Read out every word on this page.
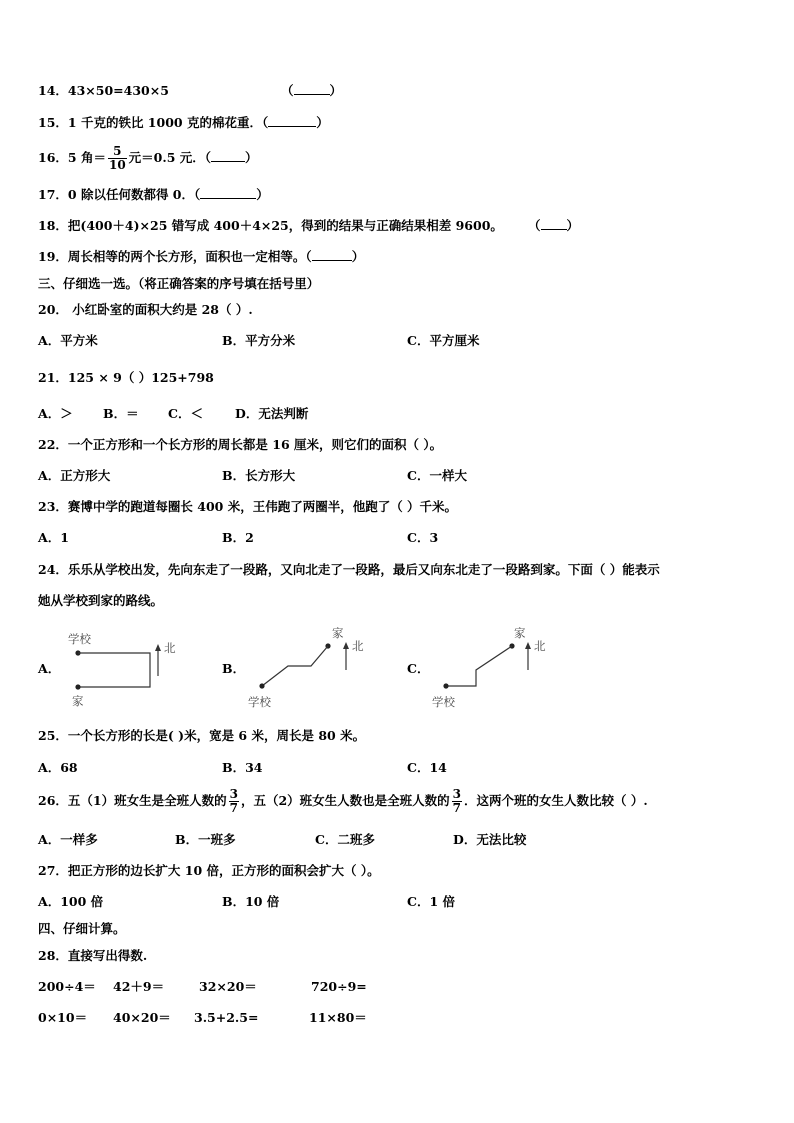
14．43×50=430×5	（	）
15．1 千克的铁比 1000 克的棉花重．（	）
16．5 角＝ $\frac{5}{10}$ 元＝0.5 元．（	）
17．0 除以任何数都得 0．（	）
18．把(400＋4)×25 错写成 400＋4×25，得到的结果与正确结果相差 9600。 （ ）
19．周长相等的两个长方形，面积也一定相等。（	）
三、仔细选一选。（将正确答案的序号填在括号里）
20． 小红卧室的面积大约是 28（ ）.
A．平方米	B．平方分米	C．平方厘米
21．125 × 9（ ）125+798
A．＞ B．＝ C．＜	D．无法判断
22．一个正方形和一个长方形的周长都是 16 厘米，则它们的面积（ ）。
A．正方形大	B．长方形大	C．一样大
23．赛博中学的跑道每圈长 400 米，王伟跑了两圈半，他跑了（ ）千米。
A．1	B．2	C．3
24．乐乐从学校出发，先向东走了一段路，又向北走了一段路，最后又向东北走了一段路到家。下面（ ）能表示
她从学校到家的路线。
A．	B．	C．
学校
家
北
家
学校
北
家
学校
北
25．一个长方形的长是( )米，宽是 6 米，周长是 80 米。
A．68	B．34	C．14
26．五（1）班女生是全班人数的 $\frac{3}{7}$ ，五（2）班女生人数也是全班人数的 $\frac{3}{7}$ ．这两个班的女生人数比较（ ）.
A．一样多	B．一班多	C．二班多	D．无法比较
27．把正方形的边长扩大 10 倍，正方形的面积会扩大（ ）。
A．100 倍	B．10 倍	C．1 倍
四、仔细计算。
28．直接写出得数.
200÷4＝ 42＋9＝	32×20＝	720÷9=
0×10＝ 40×20＝ 3.5+2.5=	11×80＝
